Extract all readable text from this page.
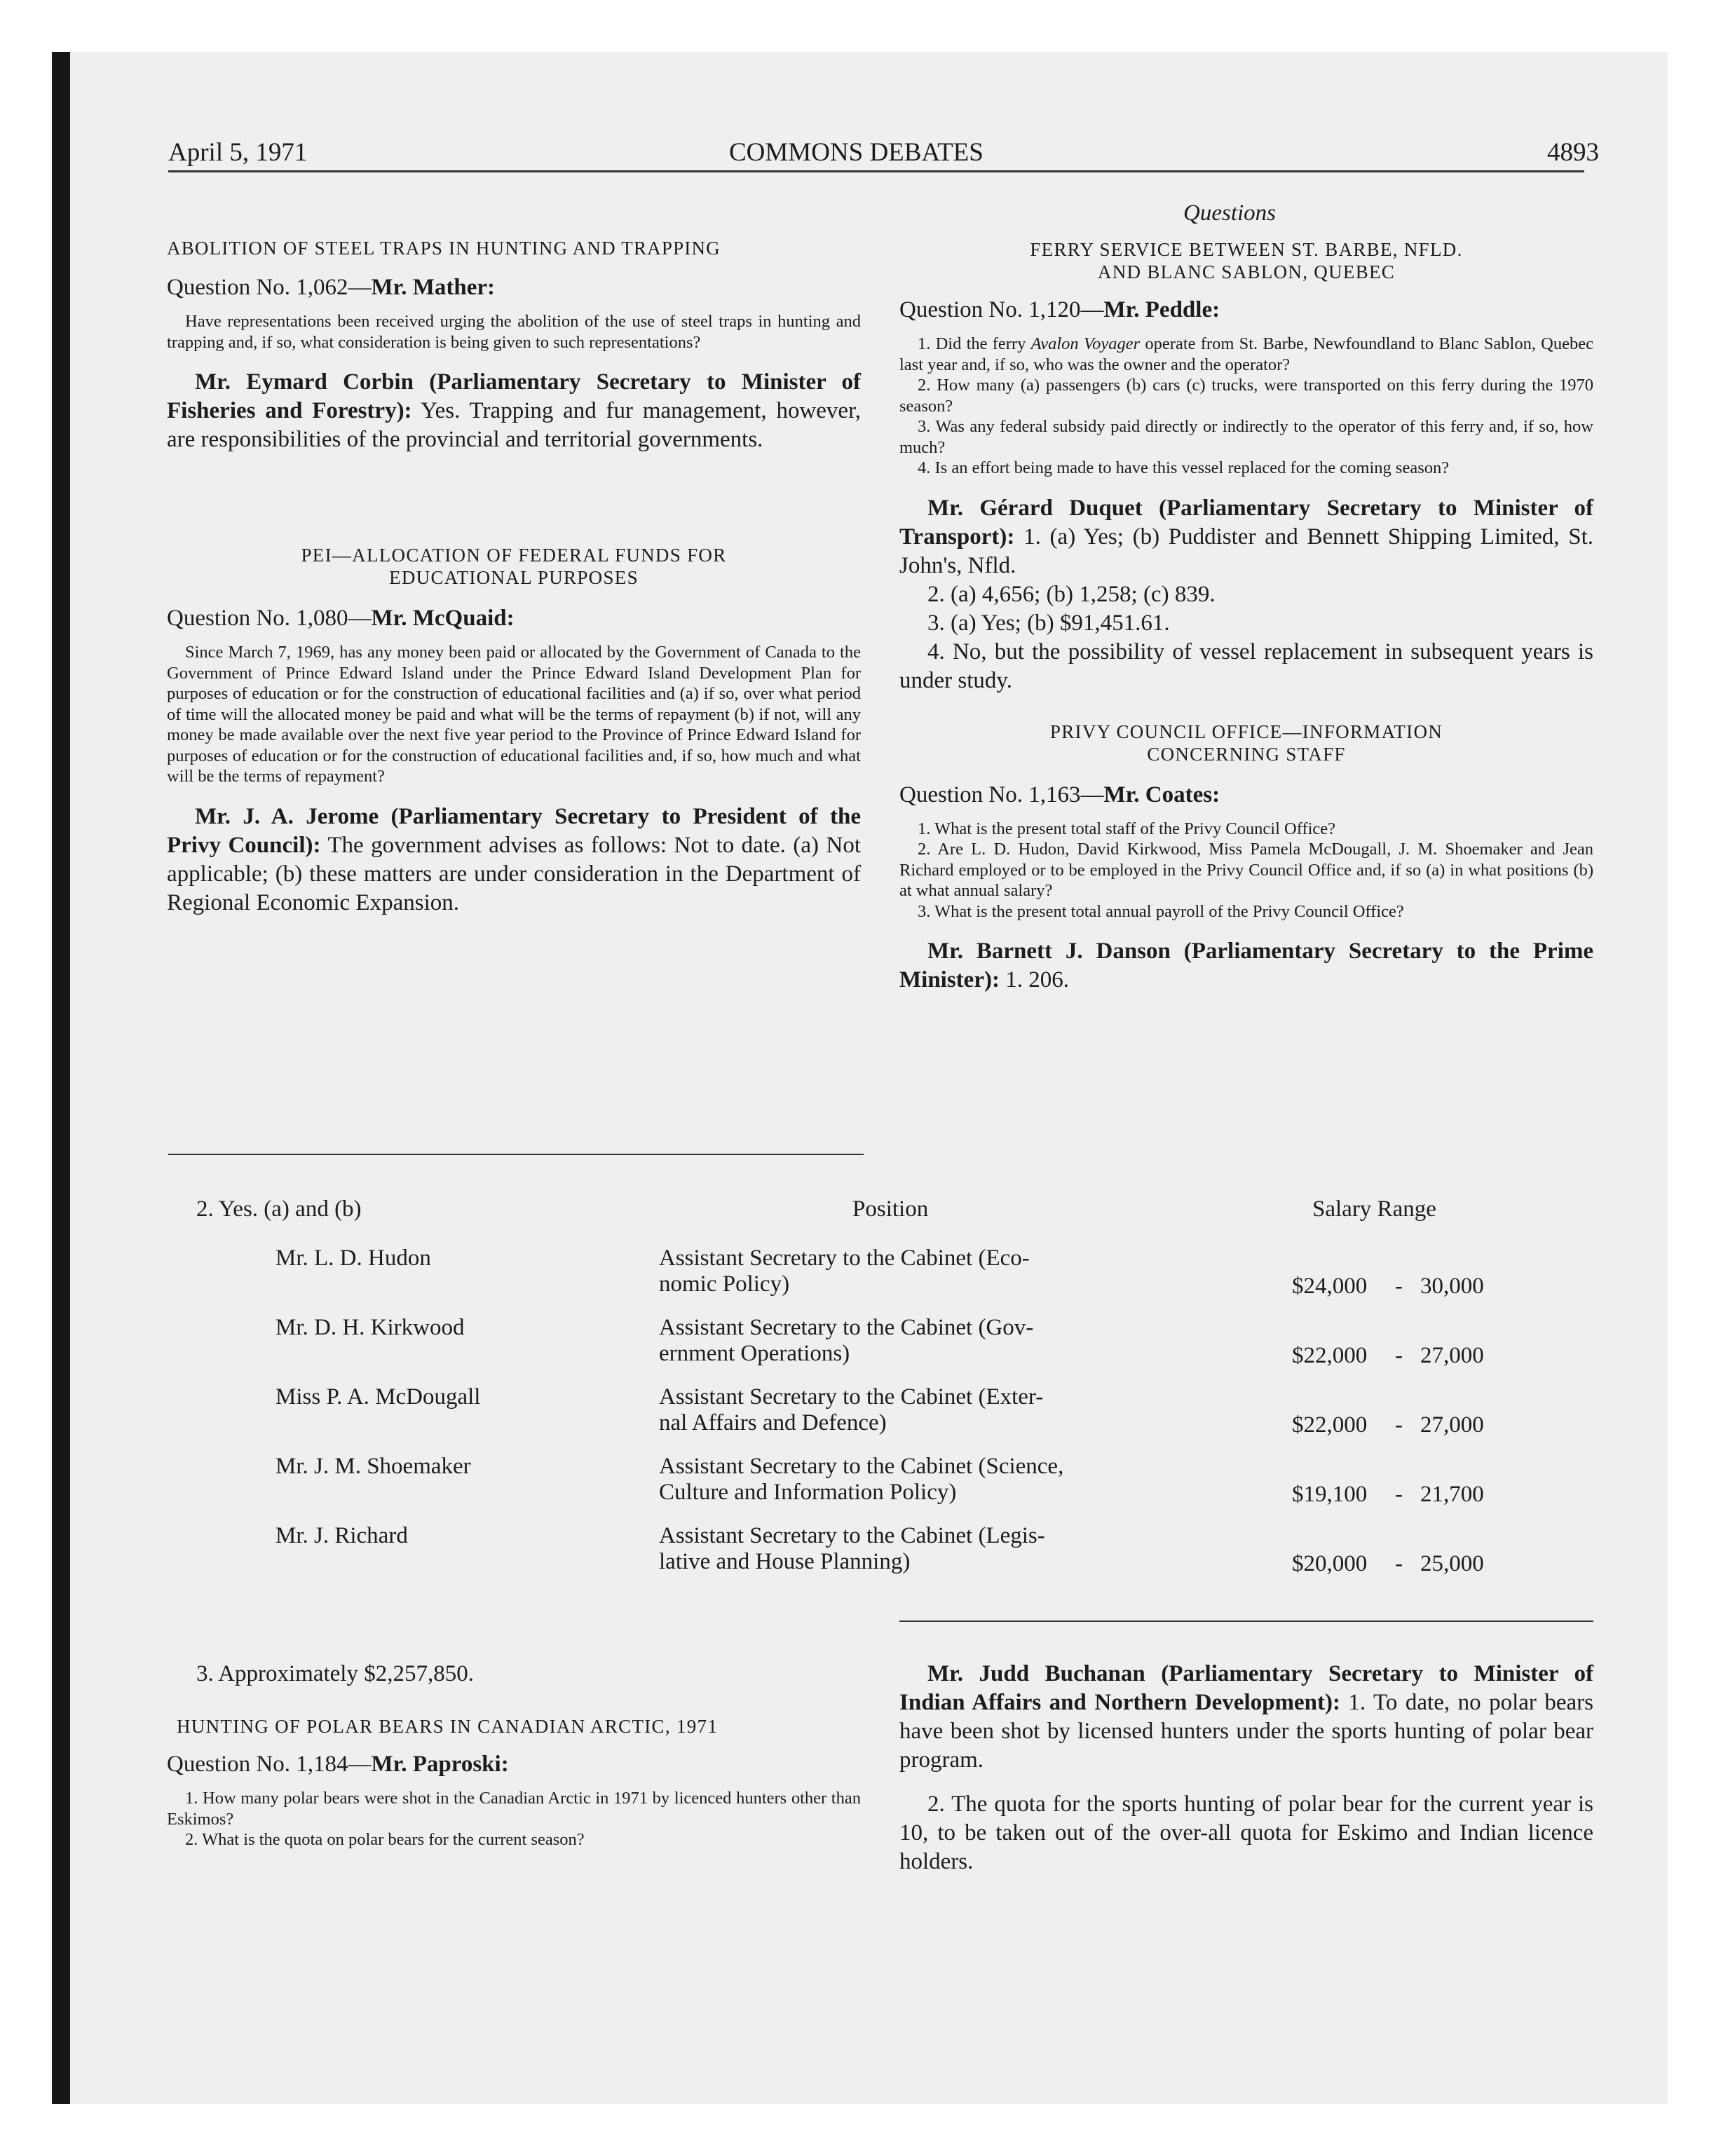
April 5, 1971	COMMONS DEBATES	4893
Questions

ABOLITION OF STEEL TRAPS IN HUNTING AND TRAPPING

Question No. 1,062—Mr. Mather:

Have representations been received urging the abolition of the use of steel traps in hunting and trapping and, if so, what consideration is being given to such representations?

Mr. Eymard Corbin (Parliamentary Secretary to Minister of Fisheries and Forestry): Yes. Trapping and fur management, however, are responsibilities of the provincial and territorial governments.

PEI—ALLOCATION OF FEDERAL FUNDS FOR

EDUCATIONAL PURPOSES

Question No. 1,080—Mr. McQuaid:

Since March 7, 1969, has any money been paid or allocated by the Government of Canada to the Government of Prince Edward Island under the Prince Edward Island Development Plan for purposes of education or for the construction of educational facilities and (a) if so, over what period of time will the allocated money be paid and what will be the terms of repayment (b) if not, will any money be made available over the next five year period to the Province of Prince Edward Island for purposes of education or for the construction of educational facilities and, if so, how much and what will be the terms of repayment?

Mr. J. A. Jerome (Parliamentary Secretary to President of the Privy Council): The government advises as follows: Not to date. (a) Not applicable; (b) these matters are under consideration in the Department of Regional Economic Expansion.

FERRY SERVICE BETWEEN ST. BARBE, NFLD.

AND BLANC SABLON, QUEBEC

Question No. 1,120—Mr. Peddle:

1. Did the ferry Avalon Voyager operate from St. Barbe, Newfoundland to Blanc Sablon, Quebec last year and, if so, who was the owner and the operator?

2. How many (a) passengers (b) cars (c) trucks, were transported on this ferry during the 1970 season?

3. Was any federal subsidy paid directly or indirectly to the operator of this ferry and, if so, how much?

4. Is an effort being made to have this vessel replaced for the coming season?

Mr. Gérard Duquet (Parliamentary Secretary to Minister of Transport): 1. (a) Yes; (b) Puddister and Bennett Shipping Limited, St. John's, Nfld.

2. (a) 4,656; (b) 1,258; (c) 839.

3. (a) Yes; (b) $91,451.61.

4. No, but the possibility of vessel replacement in subsequent years is under study.

PRIVY COUNCIL OFFICE—INFORMATION

CONCERNING STAFF

Question No. 1,163—Mr. Coates:

1. What is the present total staff of the Privy Council Office?

2. Are L. D. Hudon, David Kirkwood, Miss Pamela McDougall, J. M. Shoemaker and Jean Richard employed or to be employed in the Privy Council Office and, if so (a) in what positions (b) at what annual salary?

3. What is the present total annual payroll of the Privy Council Office?

Mr. Barnett J. Danson (Parliamentary Secretary to the Prime Minister): 1. 206.

2. Yes. (a) and (b)	Position	Salary Range
Mr. L. D. Hudon	Assistant Secretary to the Cabinet (Eco-
nomic Policy)	$24,000 - 30,000
Mr. D. H. Kirkwood	Assistant Secretary to the Cabinet (Gov-
ernment Operations)	$22,000 - 27,000
Miss P. A. McDougall	Assistant Secretary to the Cabinet (Exter-
nal Affairs and Defence)	$22,000 - 27,000
Mr. J. M. Shoemaker	Assistant Secretary to the Cabinet (Science,
Culture and Information Policy)	$19,100 - 21,700
Mr. J. Richard	Assistant Secretary to the Cabinet (Legis-
lative and House Planning)	$20,000 - 25,000

3. Approximately $2,257,850.

HUNTING OF POLAR BEARS IN CANADIAN ARCTIC, 1971

Question No. 1,184—Mr. Paproski:

1. How many polar bears were shot in the Canadian Arctic in 1971 by licenced hunters other than Eskimos?

2. What is the quota on polar bears for the current season?

Mr. Judd Buchanan (Parliamentary Secretary to Minister of Indian Affairs and Northern Development): 1. To date, no polar bears have been shot by licensed hunters under the sports hunting of polar bear program.

2. The quota for the sports hunting of polar bear for the current year is 10, to be taken out of the over-all quota for Eskimo and Indian licence holders.
